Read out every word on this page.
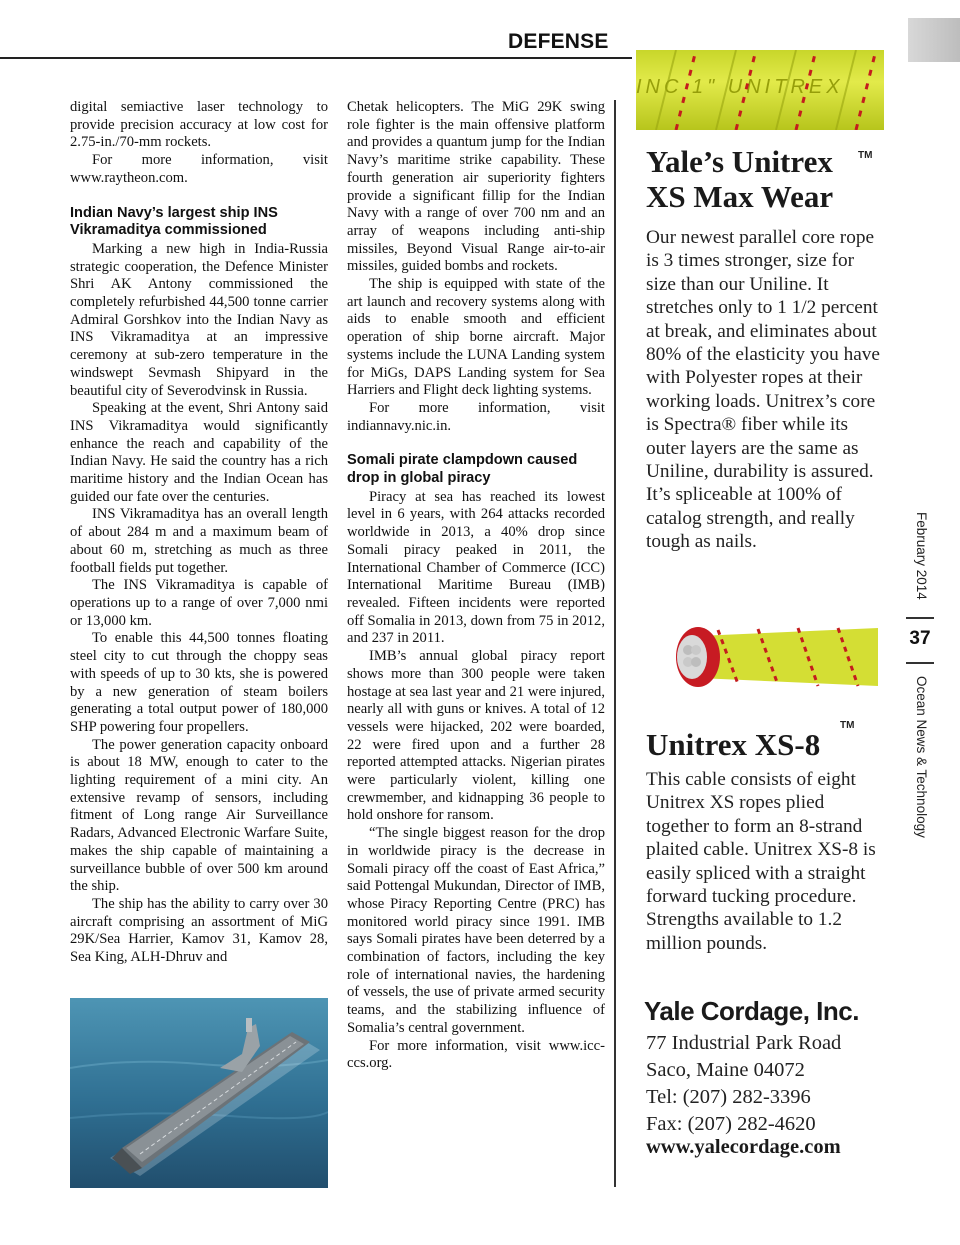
DEFENSE

digital semiactive laser technology to provide precision accuracy at low cost for 2.75-in./70-mm rockets.

For more information, visit www.raytheon.com.

Indian Navy’s largest ship INS Vikramaditya commissioned

Marking a new high in India-Russia strategic cooperation, the Defence Minister Shri AK Antony commissioned the completely refurbished 44,500 tonne carrier Admiral Gorshkov into the Indian Navy as INS Vikramaditya at an impressive ceremony at sub-zero temperature in the windswept Sevmash Shipyard in the beautiful city of Severodvinsk in Russia.

Speaking at the event, Shri Antony said INS Vikramaditya would significantly enhance the reach and capability of the Indian Navy. He said the country has a rich maritime history and the Indian Ocean has guided our fate over the centuries.

INS Vikramaditya has an overall length of about 284 m and a maximum beam of about 60 m, stretching as much as three football fields put together.

The INS Vikramaditya is capable of operations up to a range of over 7,000 nmi or 13,000 km.

To enable this 44,500 tonnes floating steel city to cut through the choppy seas with speeds of up to 30 kts, she is powered by a new generation of steam boilers generating a total output power of 180,000 SHP powering four propellers.

The power generation capacity onboard is about 18 MW, enough to cater to the lighting requirement of a mini city. An extensive revamp of sensors, including fitment of Long range Air Surveillance Radars, Advanced Electronic Warfare Suite, makes the ship capable of maintaining a surveillance bubble of over 500 km around the ship.

The ship has the ability to carry over 30 aircraft comprising an assortment of MiG 29K/Sea Harrier, Kamov 31, Kamov 28, Sea King, ALH-Dhruv and

Chetak helicopters. The MiG 29K swing role fighter is the main offensive platform and provides a quantum jump for the Indian Navy’s maritime strike capability. These fourth generation air superiority fighters provide a significant fillip for the Indian Navy with a range of over 700 nm and an array of weapons including anti-ship missiles, Beyond Visual Range air-to-air missiles, guided bombs and rockets.

The ship is equipped with state of the art launch and recovery systems along with aids to enable smooth and efficient operation of ship borne aircraft. Major systems include the LUNA Landing system for MiGs, DAPS Landing system for Sea Harriers and Flight deck lighting systems.

For more information, visit indiannavy.nic.in.

Somali pirate clampdown caused drop in global piracy

Piracy at sea has reached its lowest level in 6 years, with 264 attacks recorded worldwide in 2013, a 40% drop since Somali piracy peaked in 2011, the International Chamber of Commerce (ICC) International Maritime Bureau (IMB) revealed. Fifteen incidents were reported off Somalia in 2013, down from 75 in 2012, and 237 in 2011.

IMB’s annual global piracy report shows more than 300 people were taken hostage at sea last year and 21 were injured, nearly all with guns or knives. A total of 12 vessels were hijacked, 202 were boarded, 22 were fired upon and a further 28 reported attempted attacks. Nigerian pirates were particularly violent, killing one crewmember, and kidnapping 36 people to hold onshore for ransom.

“The single biggest reason for the drop in worldwide piracy is the decrease in Somali piracy off the coast of East Africa,” said Pottengal Mukundan, Director of IMB, whose Piracy Reporting Centre (PRC) has monitored world piracy since 1991. IMB says Somali pirates have been deterred by a combination of factors, including the key role of international navies, the hardening of vessels, the use of private armed security teams, and the stabilizing influence of Somalia’s central government.

For more information, visit www.icc-ccs.org.

INC 1" UNITREX
Yale’s Unitrex XS Max Wear
TM
Our newest parallel core rope is 3 times stronger, size for size than our Uniline. It stretches only to 1 1/2 percent at break, and eliminates about 80% of the elasticity you have with Polyester ropes at their working loads. Unitrex’s core is Spectra® fiber while its outer layers are the same as Uniline, durability is assured. It’s spliceable at 100% of catalog strength, and really tough as nails.
Unitrex XS-8
TM
This cable consists of eight Unitrex XS ropes plied together to form an 8-strand plaited cable. Unitrex XS-8 is easily spliced with a straight forward tucking procedure. Strengths available to 1.2 million pounds.
Yale Cordage, Inc.
77 Industrial Park Road
Saco, Maine 04072
Tel: (207) 282-3396
Fax: (207) 282-4620
www.yalecordage.com
February 2014
37
Ocean News & Technology
